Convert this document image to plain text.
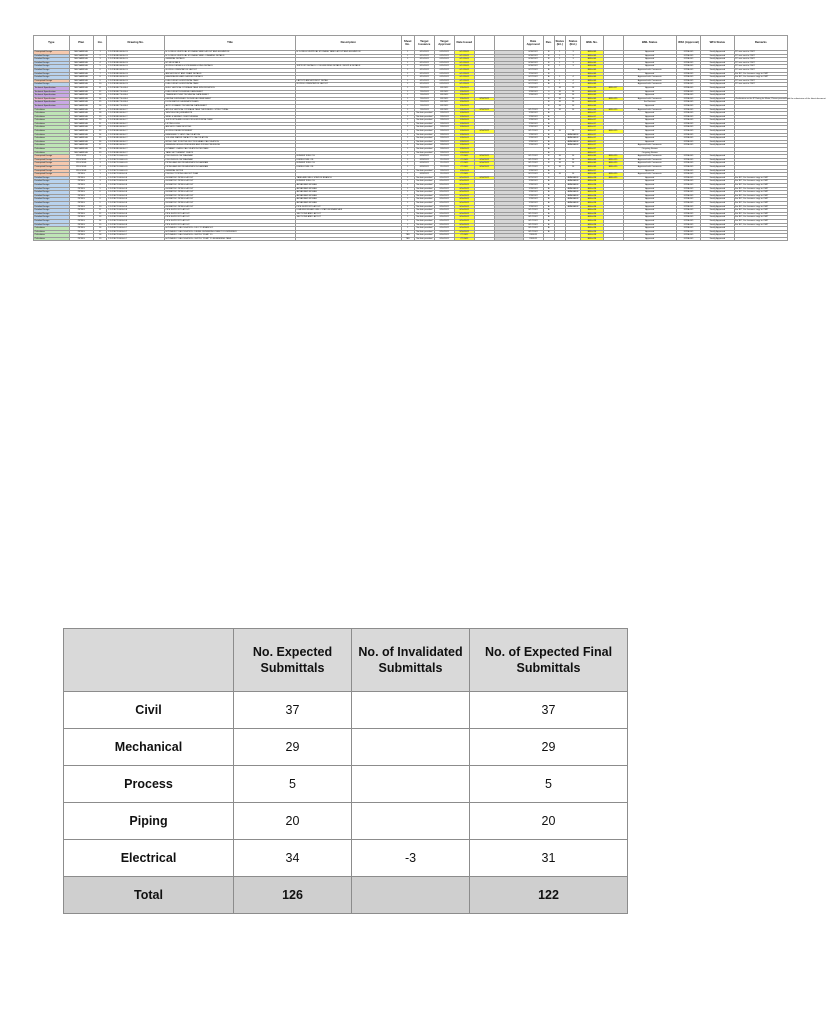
Type	Plan	Inv.	Drawing No.	Title	Description	Sheet No.	Target Issuance	Target Approval	Date Issued			Date Approved	Rev.	Status (Int.)	Status (Ext.)	BML No.		BML Status	WFA (Approval)	WFA Status	Remarks
Conceptual Design	MECHANICAL	1	C.D.P.B.ME.0000-0.S	H.1.4 BULK VERTICAL STORAGE TANK LAYOUT AND ELEVATION	H.1.4 BULK VERTICAL STORAGE TANK LAYOUT AND ELEVATION	1	6/15/2022	6/29/2022	6/17/2022			6/30/2022	B	1	3	BML-009		Approved	FPPA-005	Finally Approved	PC was sent to CMIT
Detailed Design	MECHANICAL	2	C.D.P.B.ME.0000-0.S	H.1.4 BULK VERTICAL STORAGE TANK - FRAMING DETAILS		1	6/15/2022	6/29/2022	6/17/2022			6/30/2022	B	1	3	BML-009		Approved	FPPA-005	Finally Approved	PC was sent to CMIT
Detailed Design	MECHANICAL	3	C.D.P.B.ME.0000-0.S	GENERAL DETAILS		1	6/15/2022	6/29/2022	6/17/2022			6/30/2022	B	1	3	BML-009		Approved	FPPA-005	Finally Approved	PC was sent to CMIT
Detailed Design	MECHANICAL	4	C.D.P.B.ME.0000-0.S	HT.48 DETAILS		1	6/15/2022	6/29/2022	6/17/2022			6/30/2022	B	1	3	BML-009		Approved	FPPA-005	Finally Approved	PC was sent to CMIT
Detailed Design	MECHANICAL	5	C.D.P.B.ME.0000-0.S	NOZZLE DETAILS & STIFFENING RING DETAILS	SUPPORT DETAILS / COLUMN RING DETAILS / NOZZLE DETAILS	1	6/15/2022	6/29/2022	6/17/2022			6/30/2022	B	1	3	BML-009		Approved	FPPA-005	Finally Approved	PC was sent to CMIT
Detailed Design	MECHANICAL	6	C.D.P.B.ME.0000-0.S	NOZZLE ORIENTATION LAYOUT		1	6/15/2022	6/29/2022	6/17/2022			6/27/2022	A			BML-009		Approved with Comments	FPPA-005	Finally Approved	PC was sent to CMIT
Detailed Design	MECHANICAL	7	C.D.P.B.ME.0000-0.S	ANCHOR BOLT AND CHAIR DETAILS		1	6/15/2022	6/29/2022	6/17/2022			7/20/2022	B			BML-009		Approved	FPPA-005	Finally Approved	For IFC, For Issuance copy to CMIT
Detailed Design	MECHANICAL	8	C.D.P.B.ME.0000-0.S	HANDRAILING AND LADDER DETAILS		1	6/15/2022	6/29/2022	6/17/2022			6/27/2022	A	1	4	BML-009		Approved with Comments	FPPA-005	Finally Approved	For IFC, For Issuance copy to CMIT
Conceptual Design	MECHANICAL	9	C.D.P.B.ME.0000-0.S	FUEL DRUM / HORIZONTAL TANK	LAYOUT, ANCHOR BOLT DETAIL	1	6/15/2022	6/29/2022	6/17/2022			6/27/2022	A	1	4	BML-009		Approved with Comments	FPPA-005	Finally Approved	PC was sent to CMIT
Detailed Design	MECHANICAL	10	C.D.P.B.ME.0000-0.S	FUEL DRUM / HORIZONTAL TANK	NOZZLE ORIENTATION LAYOUT	1	6/15/2022	6/29/2022	6/17/2022			6/27/2022	A	1	4	BML-009		Approved with Comments	FPPA-005	Finally Approved	PC was sent to CMIT
Technical Specification	MECHANICAL	11	C.D.P.B.ME.TS.000-0	BULK VERTICAL STORAGE TANK SPECIFICATION		1	7/20/2022	8/3/2022	7/26/2022			7/28/2022	0	10	10	BML-009	BML-017	Approved	FPPA-005	Finally Approved	
Technical Specification	MECHANICAL	12	C.D.P.B.ME.TS.000-0	FUEL DRUM TECHNICAL DATA SHEET		1	7/20/2022	8/3/2022	7/26/2022			7/28/2022	0	10	10	BML-009		Approved	FPPA-005	Finally Approved	
Technical Specification	MECHANICAL	13	C.D.P.B.ME.TS.000-0	TRANSFER PUMP TECHNICAL DATA SHEET		1	7/20/2022	8/3/2022	7/26/2022			7/28/2022	0	10	10	BML-009		Approved	FPPA-005	Finally Approved	
Technical Specification	MECHANICAL	14	C.D.P.B.ME.TS.000-0	DEFINE DISPENSER TECHNICAL DATA SHEET		1	7/20/2022	8/3/2022	7/26/2022	8/16/2022			B	10	10	BML-009	BML-029	Approved with Comments	FPPA-005	Finally Approved	Clarification on the IP Rating for Motor, Please proceed with the submission of the latest document
Technical Specification	MECHANICAL	15	C.D.P.B.ME.TS.000-0	FLOW METER CALIBRATION AND		1	7/20/2022	8/3/2022	7/26/2022				B	10	10	BML-009		For Revision	FPPA-005	Finally Approved	
Technical Specification	MECHANICAL	16	C.D.P.B.ME.TS.000-0	AUTO DYNAMIC TECHNICAL DATA SHEET		1	7/20/2022	8/3/2022	7/26/2022				B	10	10	BML-009		Approved	FPPA-005	Finally Approved	
Calculation	MECHANICAL	17	C.D.P.B.ME.0000-0.T	API 650 VERTICAL STORAGE TANK THICKNESS - STRUCTURAL		1	7/20/2022	8/3/2022	7/26/2022	8/16/2022		8/17/2022	B	10	10	BML-009	BML-029	Approved with Comments	FPPA-005	Finally Approved	
Calculation	MECHANICAL	18	C.D.P.B.ME.0000-0.T	VENTING REQUIREMENTS		1	No date provided	7/28/2022	7/28/2022			7/28/2022	A			BML-017		Approved	FPPA-005	Finally Approved	
Calculation	MECHANICAL	19	C.D.P.B.ME.0000-0.T	WIND & SEISMIC OVERTURNING		1	No date provided	7/28/2022	7/28/2022			7/28/2022	A			BML-017		Approved	FPPA-005	Finally Approved	
Calculation	MECHANICAL	20	C.D.P.B.ME.0000-0.T	SUPPORTS AND LEGS FOR HORIZONTAL TANK		1	No date provided	7/28/2022	7/28/2022			7/28/2022	A			BML-017		Approved	FPPA-005	Finally Approved	
Calculation	MECHANICAL	21	C.D.P.B.ME.0000-0.T	LIFTING LUGS		1	No date provided	7/28/2022	7/28/2022			7/28/2022	A			BML-017		Approved	FPPA-005	Finally Approved	
Calculation	MECHANICAL	22	C.D.P.B.ME.0000-0.T	ANCHOR / TANK BOLTING		1	No date provided	7/28/2022	7/28/2022			7/28/2022	A			BML-017		Approved	FPPA-005	Finally Approved	
Calculation	MECHANICAL	23	C.D.P.B.ME.0000-0.T	NOZZLE REINFORCEMENT		1	No date provided	7/28/2022	7/28/2022	8/16/2022		8/17/2022	B	10	10	BML-017	BML-029	Approved	FPPA-005	Finally Approved	
Calculation	MECHANICAL	24	C.D.P.B.ME.0000-0.T	EMERGENCY VENT CALCULATION		1	No date provided	7/28/2022	7/28/2022			7/28/2022	A		AVAILABLE	BML-017		Approved	FPPA-005	Finally Approved	
Calculation	MECHANICAL	25	C.D.P.B.ME.0000-0.T	VOLUME WATER CAPACITY CALCULATION		1	No date provided	7/28/2022	7/28/2022			7/28/2022	A		AVAILABLE	BML-017		Approved	FPPA-005	Finally Approved	
Calculation	MECHANICAL	26	C.D.P.B.ME.0000-0.T	NPSH - NET POSITIVE SUCTION HEAD CALCULATION		1	No date provided	7/28/2022	7/28/2022			7/28/2022	A		AVAILABLE	BML-017		Approved	FPPA-005	Finally Approved	
Calculation	MECHANICAL	27	C.D.P.B.ME.0000-0.T	MINIMUM DESIGN PRESSURE AND PIPING PRESSURE		1	No date provided	7/28/2022	7/28/2022			7/28/2022	A		AVAILABLE	BML-017		Approved with Comments	FPPA-005	Finally Approved	
Calculation	MECHANICAL	28	C.D.P.B.ME.0000-0.T	DYNAMIC LOADS CALCULATION PER TANK		1	No date provided	7/28/2022	7/28/2022				A			BML-017		On-going Review			
Calculation	MECHANICAL	29	C.D.P.B.ME.0000-0.T	TANK SETTLEMENT CHECK		1	No date provided	7/28/2022	7/28/2022				A			BML-017		On-going Review			
Conceptual Design	PROCESS	1	C.D.P.B.PR.0000-0.S	PROCESS FLOW DIAGRAM	BUNKER FUEL OIL	1	6/28/2022	7/12/2022	7/7/2022	8/16/2022		8/17/2022	B	10	10	BML-009	BML-029	Approved with Comments	FPPA-005	Finally Approved	
Conceptual Design	PROCESS	2	C.D.P.B.PR.0000-0.S	PROCESS FLOW DIAGRAM	DIESEL FUEL OIL	1	6/28/2022	7/12/2022	7/7/2022	8/16/2022		8/17/2022	B	10	10	BML-009	BML-029	Approved with Comments	FPPA-005	Finally Approved	
Conceptual Design	PROCESS	3	C.D.P.B.PR.0000-0.S	PIPING AND INSTRUMENTATION DIAGRAM	BUNKER FUEL OIL	1	6/28/2022	7/12/2022	7/7/2022	8/16/2022		8/17/2022	B	10	10	BML-009	BML-029	Approved with Comments	FPPA-005	Finally Approved	
Conceptual Design	PROCESS	4	C.D.P.B.PR.0000-0.S	PIPING AND INSTRUMENTATION DIAGRAM	DIESEL FUEL OIL	1	6/28/2022	7/12/2022	7/7/2022	8/16/2022		8/17/2022	B	10	10	BML-009	BML-029	Approved with Comments	FPPA-005	Finally Approved	
Conceptual Design	PROCESS	5	C.D.P.B.PR.0000-0.S	GENERAL NOTES		1	No date provided	7/28/2022	7/28/2022			7/28/2022	A			BML-017		Approved	FPPA-005	Finally Approved	
Conceptual Design	PIPING	1	C.D.P.B.PP.0000-0.S	PRODUCT PIPING LAYOUT PLAN		1	6/28/2022	7/12/2022	7/7/2022			8/27/2022	B	10	10	BML-009	BML-029	Approved with Comments	FPPA-005	Finally Approved	
Detailed Design	PIPING	2	C.D.P.B.PP.0000-0.S	ISOMETRIC PIPING LAYOUT	TANK AND WELL STATION BRANCH	1	No date provided	8/10/2022	8/10/2022	8/16/2022		8/25/2022	B		AVAILABLE	BML-028	BML-029	Approved	FPPA-005	Finally Approved	For IFC, For Issuance copy to CMIT
Detailed Design	PIPING	3	C.D.P.B.PP.0000-0.S	ISOMETRIC PIPING LAYOUT	BUNKER FUEL OIL	1	No date provided	8/10/2022	8/10/2022			7/28/2022	A		AVAILABLE	BML-028		Approved	FPPA-005	Finally Approved	For IFC, For Issuance copy to CMIT
Detailed Design	PIPING	4	C.D.P.B.PP.0000-0.S	ISOMETRIC PIPING LAYOUT	AVGAS AND MOGAS	1	No date provided	8/10/2022	8/10/2022			7/28/2022	A		AVAILABLE	BML-028		Approved	FPPA-005	Finally Approved	For IFC, For Issuance copy to CMIT
Detailed Design	PIPING	5	C.D.P.B.PP.0000-0.S	ISOMETRIC PIPING LAYOUT	AVGAS AND MOGAS	1	No date provided	8/10/2022	8/10/2022			7/28/2022	A		AVAILABLE	BML-028		Approved	FPPA-005	Finally Approved	For IFC, For Issuance copy to CMIT
Detailed Design	PIPING	6	C.D.P.B.PP.0000-0.S	ISOMETRIC PIPING LAYOUT	AVGAS AND MOGAS	1	No date provided	8/10/2022	8/10/2022			7/28/2022	A		AVAILABLE	BML-028		Approved	FPPA-005	Finally Approved	For IFC, For Issuance copy to CMIT
Detailed Design	PIPING	7	C.D.P.B.PP.0000-0.S	ISOMETRIC PIPING LAYOUT	AVGAS AND MOGAS	1	No date provided	8/10/2022	8/10/2022			7/28/2022	A		AVAILABLE	BML-028		Approved	FPPA-005	Finally Approved	For IFC, For Issuance copy to CMIT
Detailed Design	PIPING	8	C.D.P.B.PP.0000-0.S	ISOMETRIC PIPING LAYOUT	AVGAS AND MOGAS	1	No date provided	8/10/2022	8/10/2022			7/28/2022	A		AVAILABLE	BML-028		Approved	FPPA-005	Finally Approved	For IFC, For Issuance copy to CMIT
Detailed Design	PIPING	9	C.D.P.B.PP.0000-0.S	ISOMETRIC PIPING LAYOUT	AVGAS AND MOGAS	1	No date provided	8/10/2022	8/10/2022			7/28/2022	A		AVAILABLE	BML-028		Approved	FPPA-005	Finally Approved	For IFC, For Issuance copy to CMIT
Detailed Design	PIPING	10	C.D.P.B.PP.0000-0.S	ISOMETRIC PIPING LAYOUT	PIPE SUPPORT LAYOUT	1	No date provided	8/10/2022	8/10/2022			7/28/2022	A		AVAILABLE	BML-028		Approved	FPPA-005	Finally Approved	For IFC, For Issuance copy to CMIT
Detailed Design	PIPING	11	C.D.P.B.PP.0000-0.S	PIPE SUPPORT LAYOUT	DIMENSIONS AND WELL STATION BRANCHES	1	No date provided	8/10/2022	8/10/2022			8/17/2022	A			BML-028		Approved	FPPA-005	Finally Approved	For IFC, For Issuance copy to CMIT
Detailed Design	PIPING	12	C.D.P.B.PP.0000-0.S	PIPE SUPPORT LAYOUT	SECTIONS AND LAYOUT	1	No date provided	8/10/2022	8/10/2022			8/17/2022	A			BML-028		Approved	FPPA-005	Finally Approved	For IFC, For Issuance copy to CMIT
Detailed Design	PIPING	13	C.D.P.B.PP.0000-0.S	PIPE SUPPORT LAYOUT	SECTIONS AND LAYOUT	1	No date provided	8/10/2022	8/10/2022			8/17/2022	A			BML-028		Approved	FPPA-005	Finally Approved	For IFC, For Issuance copy to CMIT
Detailed Design	PIPING	14	C.D.P.B.PP.0000-0.S	PIPE SUPPORT LAYOUT		1	No date provided	8/10/2022	8/10/2022			8/17/2022	A			BML-028		Approved	FPPA-005	Finally Approved	For IFC, For Issuance copy to CMIT
Detailed Design	PIPING	15	C.D.P.B.PP.0000-0.S	PIPE SUPPORT LAYOUT		1	No date provided	8/10/2022	8/10/2022			8/17/2022	A			BML-028		Approved	FPPA-005	Finally Approved	For IFC, For Issuance copy to CMIT
Calculation	PIPING	16	C.D.P.B.PP.0000-0.T	HYDRAULIC CALCULATION - DFO TO BRANCH 1		1	No date provided	8/10/2022	8/10/2022			8/17/2022	A			BML-028		Approved	FPPA-005	Finally Approved	
Calculation	PIPING	17	C.D.P.B.PP.0000-0.T	HYDRAULIC CALCULATION - DIESEL BUNKERING TANK TO DISPENSER		1	No date provided	8/10/2022	8/10/2022			8/17/2022	A			BML-028		Approved	FPPA-005	Finally Approved	
Calculation	PIPING	18	C.D.P.B.PP.0000-0.T	HYDRAULIC CALCULATION - SUPPLY PUMP TO		TBD	No date provided	8/10/2022	7/7/2022			7/8/2022				BML-028		Approved	FPPA-005	Finally Approved	
Calculation	PIPING	19	C.D.P.B.PP.0000-0.T	HYDRAULIC CALCULATION - SUPPLY PUMP TO BUNKERING TANK		TBD	No date provided	8/10/2022	7/7/2022			7/8/2022				BML-028		Approved	FPPA-005	Finally Approved	
	No. Expected Submittals	No. of Invalidated Submittals	No. of Expected Final Submittals
Civil	37		37
Mechanical	29		29
Process	5		5
Piping	20		20
Electrical	34	-3	31
Total	126		122
